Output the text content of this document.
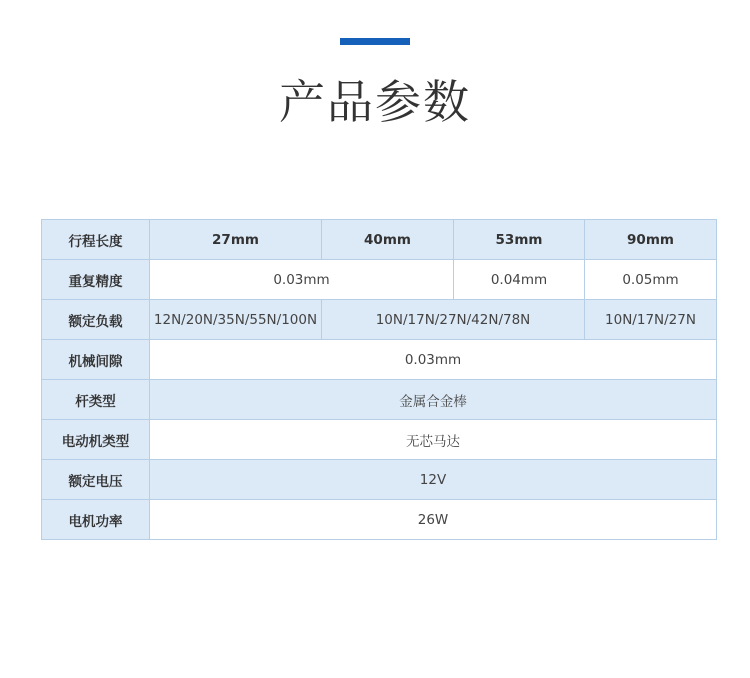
产品参数
行程长度	27mm	40mm	53mm	90mm
重复精度	0.03mm		0.04mm	0.05mm
额定负载	12N/20N/35N/55N/100N	10N/17N/27N/42N/78N		10N/17N/27N
机械间隙	0.03mm			
杆类型	金属合金棒			
电动机类型	无芯马达			
额定电压	12V			
电机功率	26W			
